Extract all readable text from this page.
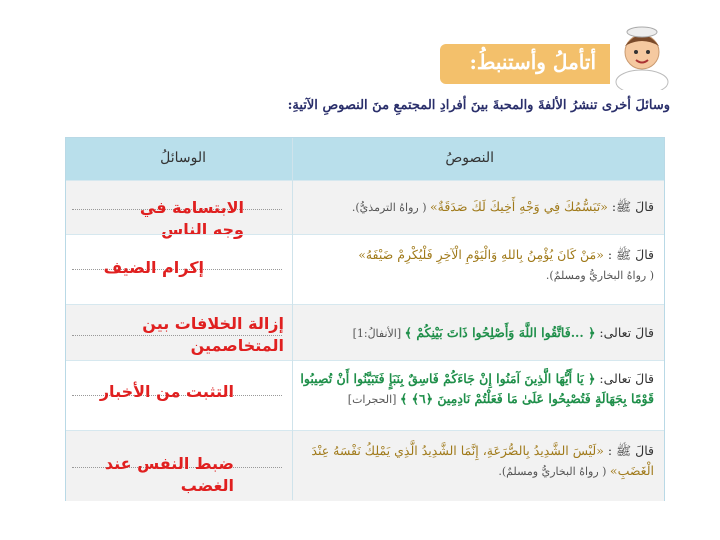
أتأملُ وأستنبطُ:
وسائلَ أخرى تنشرُ الألفةَ والمحبةَ بينَ أفرادِ المجتمعِ منَ النصوصِ الآتيةِ:
النصوصُ
الوسائلُ
قالَ ﷺ: «تَبَسُّمُكَ فِي وَجْهِ أَخِيكَ لَكَ صَدَقَةٌ» ( رواهُ الترمذيُّ).
الابتسامة في وجه الناس
قالَ ﷺ : «مَنْ كَانَ يُؤْمِنُ بِاللهِ وَالْيَوْمِ الْآخِرِ فَلْيُكْرِمْ ضَيْفَهُ»
( رواهُ البخاريُّ ومسلمٌ).
إكرام الضيف
قالَ تعالى: ﴿ ...فَاتَّقُوا اللَّهَ وَأَصْلِحُوا ذَاتَ بَيْنِكُمْ ﴾ [الأنفالُ:1]
إزالة الخلافات بين المتخاصمين
قالَ تعالى: ﴿ يَا أَيُّهَا الَّذِينَ آمَنُوا إِنْ جَاءَكُمْ فَاسِقٌ بِنَبَإٍ فَتَبَيَّنُوا أَنْ تُصِيبُوا قَوْمًا بِجَهَالَةٍ فَتُصْبِحُوا عَلَىٰ مَا فَعَلْتُمْ نَادِمِينَ ﴿٦﴾ ﴾ [الحجرات]
التثبت من الأخبار
قالَ ﷺ : «لَيْسَ الشَّدِيدُ بِالصُّرَعَةِ، إِنَّمَا الشَّدِيدُ الَّذِي يَمْلِكُ نَفْسَهُ عِنْدَ الْغَضَبِ» ( رواهُ البخاريُّ ومسلمٌ).
ضبط النفس عند الغضب
